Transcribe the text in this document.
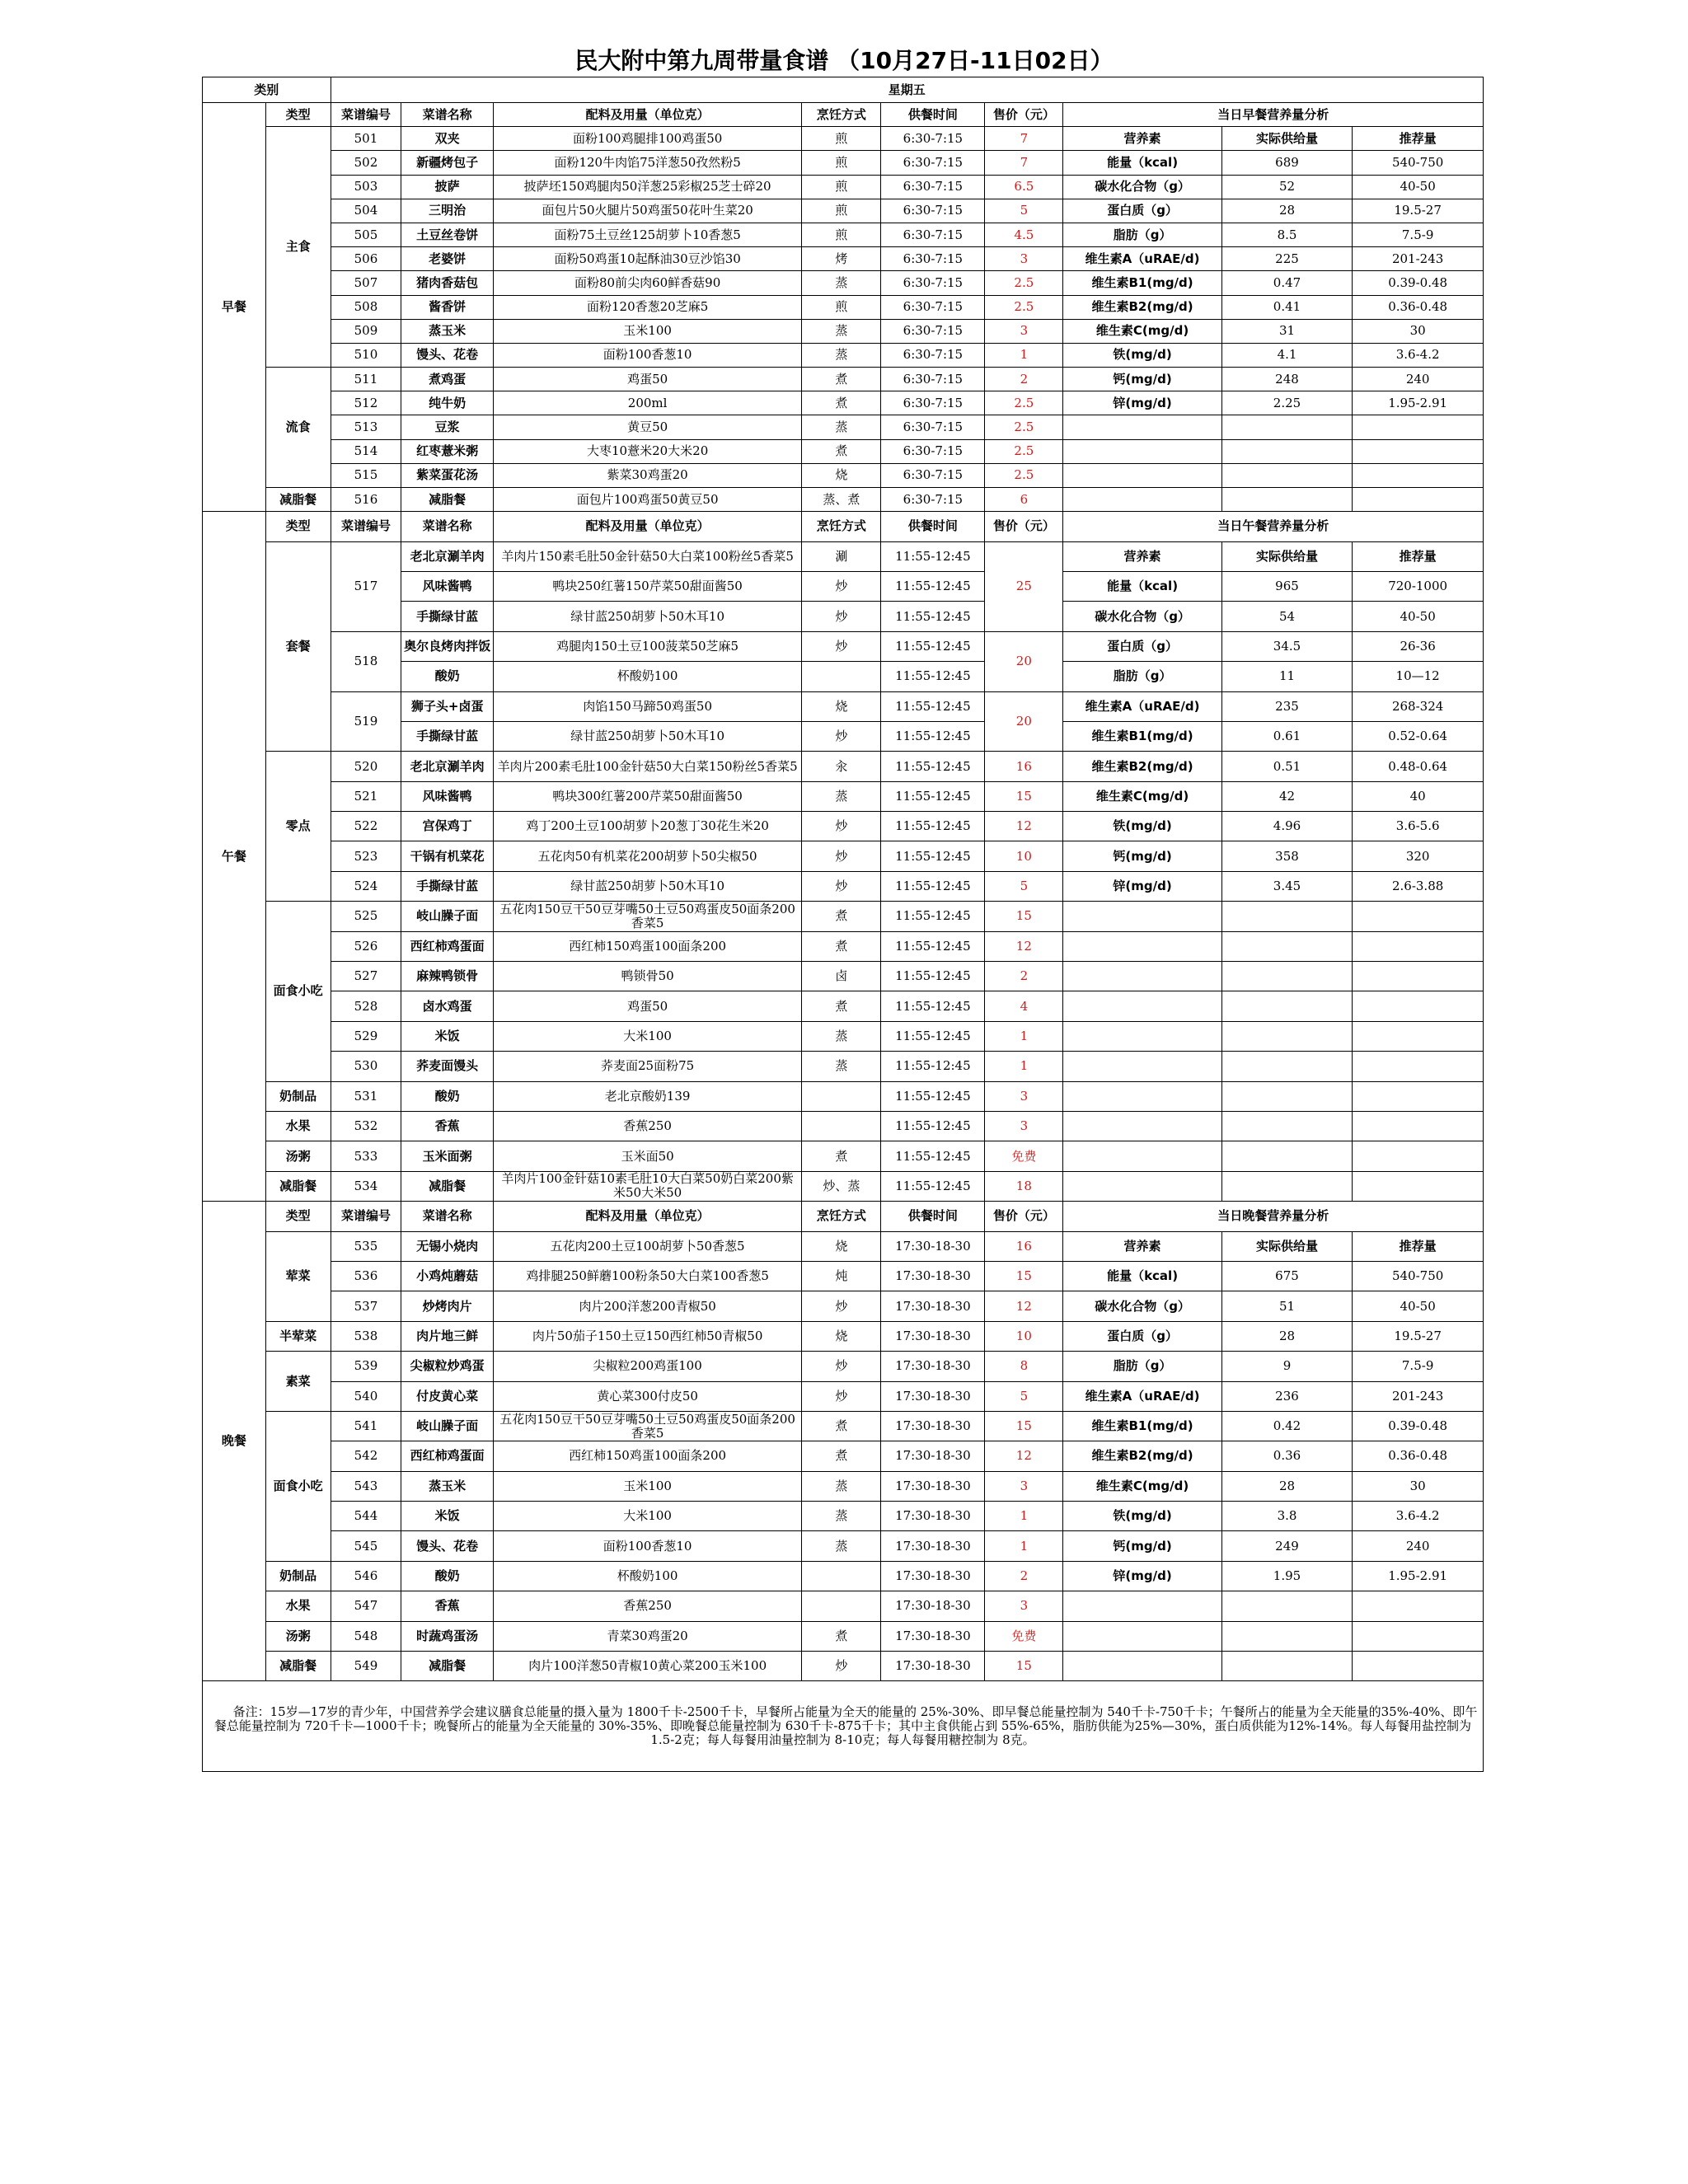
民大附中第九周带量食谱 （10月27日-11日02日）
类别		星期五								
早餐	类型	菜谱编号	菜谱名称	配料及用量（单位克）	烹饪方式	供餐时间	售价（元）	当日早餐营养量分析		
	主食	501	双夹	面粉100鸡腿排100鸡蛋50	煎	6:30-7:15	7	营养素	实际供给量	推荐量
		502	新疆烤包子	面粉120牛肉馅75洋葱50孜然粉5	煎	6:30-7:15	7	能量（kcal)	689	540-750
		503	披萨	披萨坯150鸡腿肉50洋葱25彩椒25芝士碎20	煎	6:30-7:15	6.5	碳水化合物（g）	52	40-50
		504	三明治	面包片50火腿片50鸡蛋50花叶生菜20	煎	6:30-7:15	5	蛋白质（g）	28	19.5-27
		505	土豆丝卷饼	面粉75土豆丝125胡萝卜10香葱5	煎	6:30-7:15	4.5	脂肪（g）	8.5	7.5-9
		506	老婆饼	面粉50鸡蛋10起酥油30豆沙馅30	烤	6:30-7:15	3	维生素A（uRAE/d)	225	201-243
		507	猪肉香菇包	面粉80前尖肉60鲜香菇90	蒸	6:30-7:15	2.5	维生素B1(mg/d)	0.47	0.39-0.48
		508	酱香饼	面粉120香葱20芝麻5	煎	6:30-7:15	2.5	维生素B2(mg/d)	0.41	0.36-0.48
		509	蒸玉米	玉米100	蒸	6:30-7:15	3	维生素C(mg/d)	31	30
		510	馒头、花卷	面粉100香葱10	蒸	6:30-7:15	1	铁(mg/d)	4.1	3.6-4.2
	流食	511	煮鸡蛋	鸡蛋50	煮	6:30-7:15	2	钙(mg/d)	248	240
		512	纯牛奶	200ml	煮	6:30-7:15	2.5	锌(mg/d)	2.25	1.95-2.91
		513	豆浆	黄豆50	蒸	6:30-7:15	2.5			
		514	红枣薏米粥	大枣10薏米20大米20	煮	6:30-7:15	2.5			
		515	紫菜蛋花汤	紫菜30鸡蛋20	烧	6:30-7:15	2.5			
	减脂餐	516	减脂餐	面包片100鸡蛋50黄豆50	蒸、煮	6:30-7:15	6			
午餐	类型	菜谱编号	菜谱名称	配料及用量（单位克）	烹饪方式	供餐时间	售价（元）	当日午餐营养量分析		
	套餐	517	老北京涮羊肉	羊肉片150素毛肚50金针菇50大白菜100粉丝5香菜5	涮	11:55-12:45	25	营养素	实际供给量	推荐量
			风味酱鸭	鸭块250红薯150芹菜50甜面酱50	炒	11:55-12:45		能量（kcal)	965	720-1000
			手撕绿甘蓝	绿甘蓝250胡萝卜50木耳10	炒	11:55-12:45		碳水化合物（g）	54	40-50
		518	奥尔良烤肉拌饭	鸡腿肉150土豆100菠菜50芝麻5	炒	11:55-12:45	20	蛋白质（g）	34.5	26-36
			酸奶	杯酸奶100		11:55-12:45		脂肪（g）	11	10—12
		519	狮子头+卤蛋	肉馅150马蹄50鸡蛋50	烧	11:55-12:45	20	维生素A（uRAE/d)	235	268-324
			手撕绿甘蓝	绿甘蓝250胡萝卜50木耳10	炒	11:55-12:45		维生素B1(mg/d)	0.61	0.52-0.64
	零点	520	老北京涮羊肉	羊肉片200素毛肚100金针菇50大白菜150粉丝5香菜5	汆	11:55-12:45	16	维生素B2(mg/d)	0.51	0.48-0.64
		521	风味酱鸭	鸭块300红薯200芹菜50甜面酱50	蒸	11:55-12:45	15	维生素C(mg/d)	42	40
		522	宫保鸡丁	鸡丁200土豆100胡萝卜20葱丁30花生米20	炒	11:55-12:45	12	铁(mg/d)	4.96	3.6-5.6
		523	干锅有机菜花	五花肉50有机菜花200胡萝卜50尖椒50	炒	11:55-12:45	10	钙(mg/d)	358	320
		524	手撕绿甘蓝	绿甘蓝250胡萝卜50木耳10	炒	11:55-12:45	5	锌(mg/d)	3.45	2.6-3.88
	面食小吃	525	岐山臊子面	五花肉150豆干50豆芽嘴50土豆50鸡蛋皮50面条200香菜5	煮	11:55-12:45	15			
		526	西红柿鸡蛋面	西红柿150鸡蛋100面条200	煮	11:55-12:45	12			
		527	麻辣鸭锁骨	鸭锁骨50	卤	11:55-12:45	2			
		528	卤水鸡蛋	鸡蛋50	煮	11:55-12:45	4			
		529	米饭	大米100	蒸	11:55-12:45	1			
		530	荞麦面馒头	荞麦面25面粉75	蒸	11:55-12:45	1			
	奶制品	531	酸奶	老北京酸奶139		11:55-12:45	3			
	水果	532	香蕉	香蕉250		11:55-12:45	3			
	汤粥	533	玉米面粥	玉米面50	煮	11:55-12:45	免费			
	减脂餐	534	减脂餐	羊肉片100金针菇10素毛肚10大白菜50奶白菜200紫米50大米50	炒、蒸	11:55-12:45	18			
晚餐	类型	菜谱编号	菜谱名称	配料及用量（单位克）	烹饪方式	供餐时间	售价（元）	当日晚餐营养量分析		
	荤菜	535	无锡小烧肉	五花肉200土豆100胡萝卜50香葱5	烧	17:30-18-30	16	营养素	实际供给量	推荐量
		536	小鸡炖蘑菇	鸡排腿250鲜蘑100粉条50大白菜100香葱5	炖	17:30-18-30	15	能量（kcal)	675	540-750
		537	炒烤肉片	肉片200洋葱200青椒50	炒	17:30-18-30	12	碳水化合物（g）	51	40-50
	半荤菜	538	肉片地三鲜	肉片50茄子150土豆150西红柿50青椒50	烧	17:30-18-30	10	蛋白质（g）	28	19.5-27
	素菜	539	尖椒粒炒鸡蛋	尖椒粒200鸡蛋100	炒	17:30-18-30	8	脂肪（g）	9	7.5-9
		540	付皮黄心菜	黄心菜300付皮50	炒	17:30-18-30	5	维生素A（uRAE/d)	236	201-243
	面食小吃	541	岐山臊子面	五花肉150豆干50豆芽嘴50土豆50鸡蛋皮50面条200香菜5	煮	17:30-18-30	15	维生素B1(mg/d)	0.42	0.39-0.48
		542	西红柿鸡蛋面	西红柿150鸡蛋100面条200	煮	17:30-18-30	12	维生素B2(mg/d)	0.36	0.36-0.48
		543	蒸玉米	玉米100	蒸	17:30-18-30	3	维生素C(mg/d)	28	30
		544	米饭	大米100	蒸	17:30-18-30	1	铁(mg/d)	3.8	3.6-4.2
		545	馒头、花卷	面粉100香葱10	蒸	17:30-18-30	1	钙(mg/d)	249	240
	奶制品	546	酸奶	杯酸奶100		17:30-18-30	2	锌(mg/d)	1.95	1.95-2.91
	水果	547	香蕉	香蕉250		17:30-18-30	3			
	汤粥	548	时蔬鸡蛋汤	青菜30鸡蛋20	煮	17:30-18-30	免费			
	减脂餐	549	减脂餐	肉片100洋葱50青椒10黄心菜200玉米100	炒	17:30-18-30	15			

备注：15岁—17岁的青少年，中国营养学会建议膳食总能量的摄入量为 1800千卡-2500千卡，早餐所占能量为全天的能量的 25%-30%、即早餐总能量控制为 540千卡-750千卡；午餐所占的能量为全天能量的35%-40%、即午餐总能量控制为 720千卡—1000千卡；晚餐所占的能量为全天能量的 30%-35%、即晚餐总能量控制为 630千卡-875千卡；其中主食供能占到 55%-65%，脂肪供能为25%—30%，蛋白质供能为12%-14%。每人每餐用盐控制为 1.5-2克；每人每餐用油量控制为 8-10克；每人每餐用糖控制为 8克。										
